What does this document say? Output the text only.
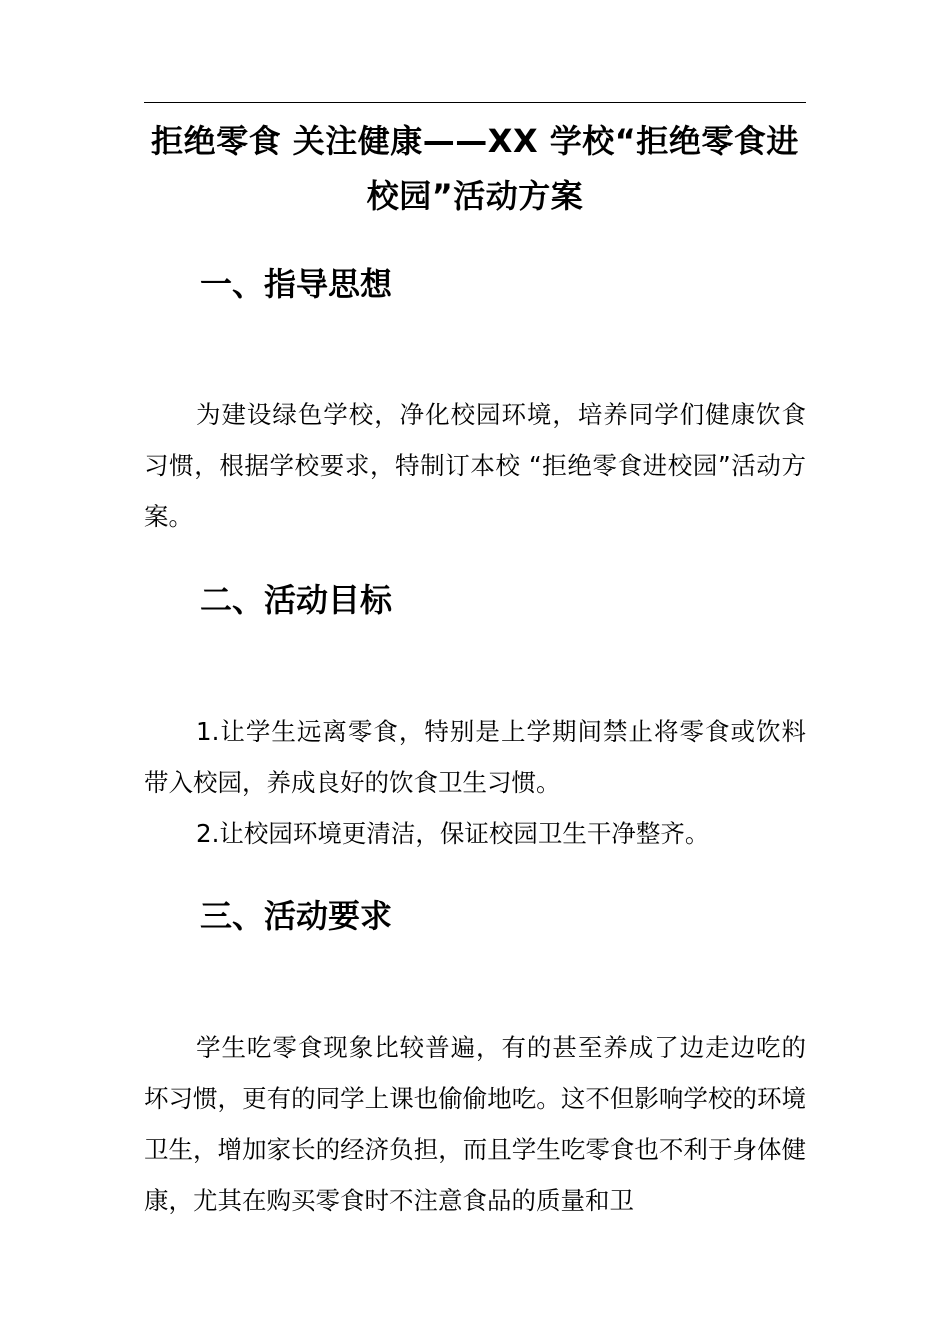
拒绝零食 关注健康——XX 学校“拒绝零食进校园”活动方案
一、指导思想

为建设绿色学校，净化校园环境，培养同学们健康饮食习惯，根据学校要求，特制订本校 “拒绝零食进校园”活动方案。

二、活动目标

1.让学生远离零食，特别是上学期间禁止将零食或饮料带入校园，养成良好的饮食卫生习惯。

2.让校园环境更清洁，保证校园卫生干净整齐。

三、活动要求

学生吃零食现象比较普遍，有的甚至养成了边走边吃的坏习惯，更有的同学上课也偷偷地吃。这不但影响学校的环境卫生，增加家长的经济负担，而且学生吃零食也不利于身体健康，尤其在购买零食时不注意食品的质量和卫
